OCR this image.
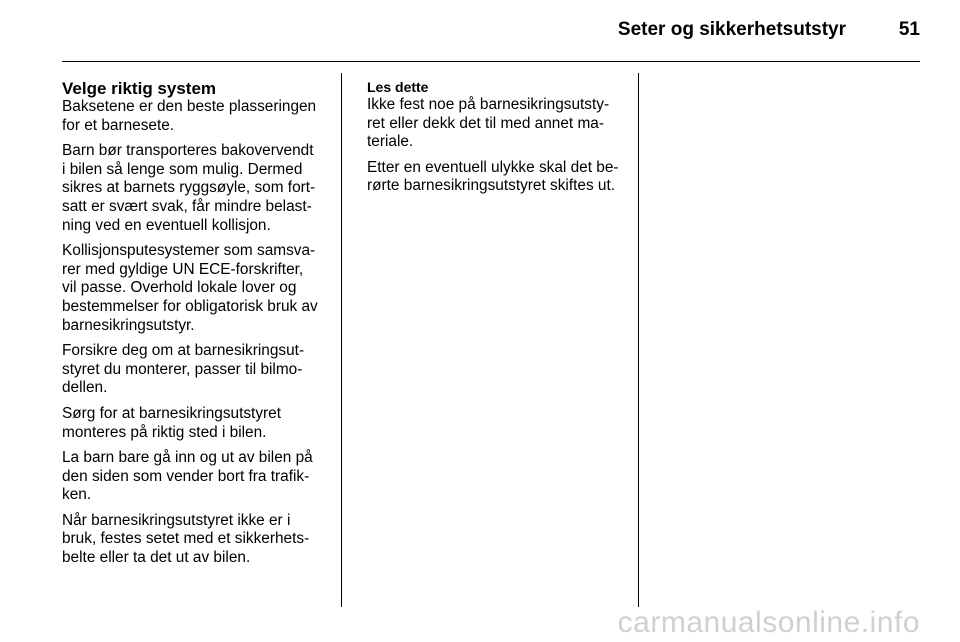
Seter og sikkerhetsutstyr	51
Velge riktig system

Baksetene er den beste plasseringen
for et barnesete.

Barn bør transporteres bakovervendt
i bilen så lenge som mulig. Dermed
sikres at barnets ryggsøyle, som fort-
satt er svært svak, får mindre belast-
ning ved en eventuell kollisjon.

Kollisjonsputesystemer som samsva-
rer med gyldige UN ECE-forskrifter,
vil passe. Overhold lokale lover og
bestemmelser for obligatorisk bruk av
barnesikringsutstyr.

Forsikre deg om at barnesikringsut-
styret du monterer, passer til bilmo-
dellen.

Sørg for at barnesikringsutstyret
monteres på riktig sted i bilen.

La barn bare gå inn og ut av bilen på
den siden som vender bort fra trafik-
ken.

Når barnesikringsutstyret ikke er i
bruk, festes setet med et sikkerhets-
belte eller ta det ut av bilen.

Les dette

Ikke fest noe på barnesikringsutsty-
ret eller dekk det til med annet ma-
teriale.

Etter en eventuell ulykke skal det be-
rørte barnesikringsutstyret skiftes ut.

carmanualsonline.info
